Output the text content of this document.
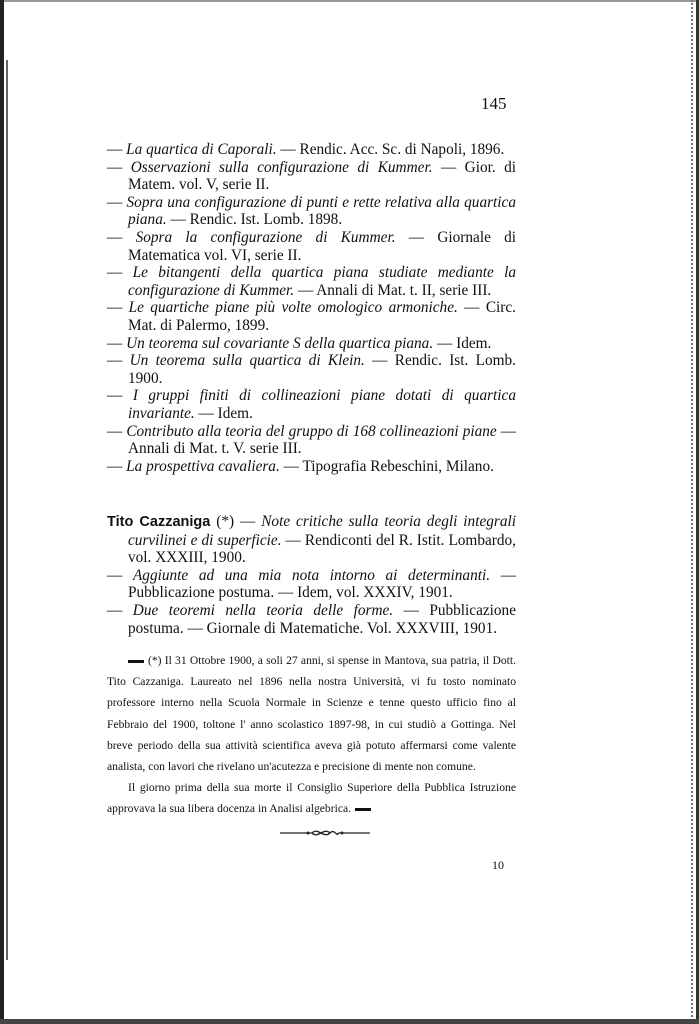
145
— La quartica di Caporali. — Rendic. Acc. Sc. di Napoli, 1896.
— Osservazioni sulla configurazione di Kummer. — Gior. di Matem. vol. V, serie II.
— Sopra una configurazione di punti e rette relativa alla quartica piana. — Rendic. Ist. Lomb. 1898.
— Sopra la configurazione di Kummer. — Giornale di Matematica vol. VI, serie II.
— Le bitangenti della quartica piana studiate mediante la configurazione di Kummer. — Annali di Mat. t. II, serie III.
— Le quartiche piane più volte omologico armoniche. — Circ. Mat. di Palermo, 1899.
— Un teorema sul covariante S della quartica piana. — Idem.
— Un teorema sulla quartica di Klein. — Rendic. Ist. Lomb. 1900.
— I gruppi finiti di collineazioni piane dotati di quartica invariante. — Idem.
— Contributo alla teoria del gruppo di 168 collineazioni piane — Annali di Mat. t. V. serie III.
— La prospettiva cavaliera. — Tipografia Rebeschini, Milano.
Tito Cazzaniga (*) — Note critiche sulla teoria degli integrali curvilinei e di superficie. — Rendiconti del R. Istit. Lombardo, vol. XXXIII, 1900.
— Aggiunte ad una mia nota intorno ai determinanti. — Pubblicazione postuma. — Idem, vol. XXXIV, 1901.
— Due teoremi nella teoria delle forme. — Pubblicazione postuma. — Giornale di Matematiche. Vol. XXXVIII, 1901.

(*) Il 31 Ottobre 1900, a soli 27 anni, si spense in Mantova, sua patria, il Dott. Tito Cazzaniga. Laureato nel 1896 nella nostra Università, vi fu tosto nominato professore interno nella Scuola Normale in Scienze e tenne questo ufficio fino al Febbraio del 1900, toltone l' anno scolastico 1897-98, in cui studiò a Gottinga. Nel breve periodo della sua attività scientifica aveva già potuto affermarsi come valente analista, con lavori che rivelano un'acutezza e precisione di mente non comune.

Il giorno prima della sua morte il Consiglio Superiore della Pubblica Istruzione approvava la sua libera docenza in Analisi algebrica.

10
